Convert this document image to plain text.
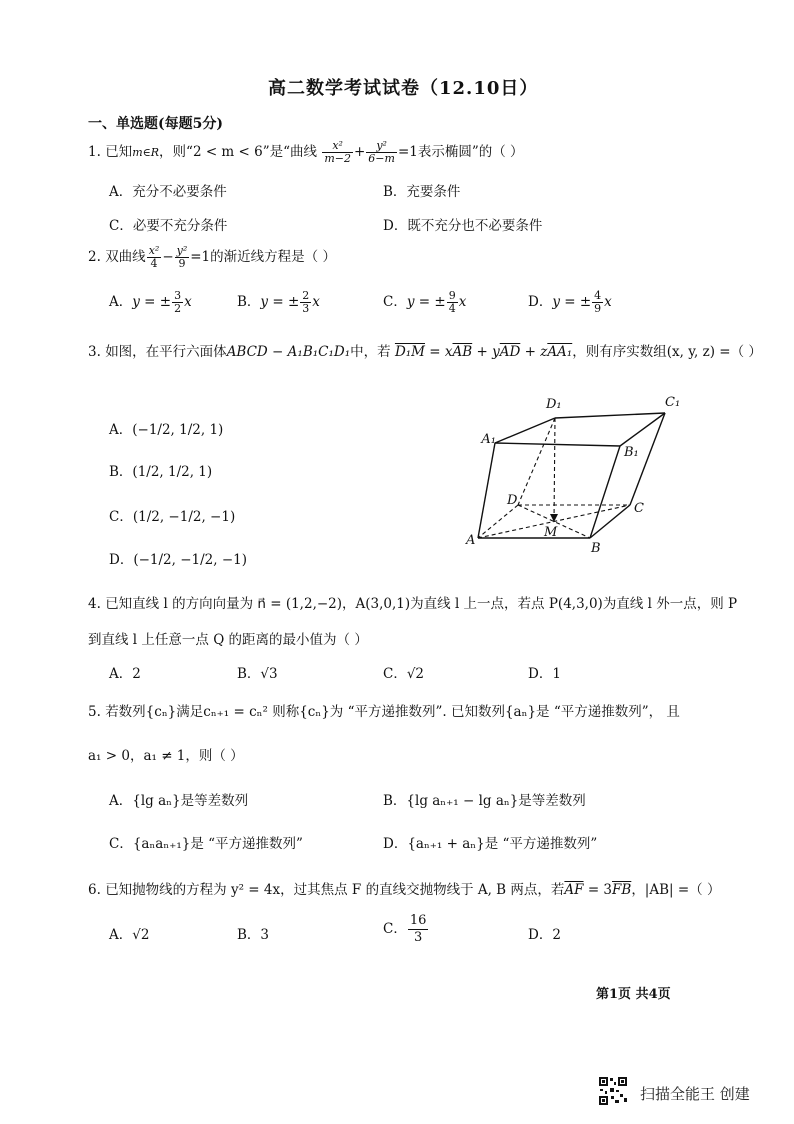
高二数学考试试卷（12.10日）
一、单选题(每题5分)
1. 已知m∈R，则“2 < m < 6”是“曲线 $\frac{\text{x²}}{m-2} + \frac{\text{y²}}{6-m} =1$表示椭圆”的（ ）
A．充分不必要条件	B．充要条件
C．必要不充分条件	D．既不充分也不必要条件
2. 双曲线 $\frac{\text{x²}}{4} - \frac{\text{y²}}{9} =1$的渐近线方程是（ ）
A．y = ± $\frac{3}{2}$ x	B．y = ± $\frac{2}{3}$ x	C．y = ± $\frac{9}{4}$ x	D．y = ± $\frac{4}{9}$ x
3. 如图，在平行六面体ABCD − A₁B₁C₁D₁中，若 $D_1M = x\overline{AB} + y\overline{AD} + zAA_1$，则有序实数组(x, y, z) =（ ）
A．(−1/2, 1/2, 1)
B．(1/2, 1/2, 1)
C．(1/2, −1/2, −1)
D．(−1/2, −1/2, −1)
D₁	C₁
A₁
B₁
D
C
A
B
M
4. 已知直线 l 的方向向量为 n⃗ = (1,2,−2)，A(3,0,1)为直线 l 上一点，若点 P(4,3,0)为直线 l 外一点，则 P
到直线 l 上任意一点 Q 的距离的最小值为（ ）
A．2	B．√3	C．√2	D．1
5. 若数列{cₙ}满足cₙ₊₁ = cₙ² 则称{cₙ}为 “平方递推数列”. 已知数列{aₙ}是 “平方递推数列”， 且
a₁ > 0，a₁ ≠ 1，则（ ）
A．{lg aₙ}是等差数列	B．{lg aₙ₊₁ − lg aₙ}是等差数列
C．{aₙaₙ₊₁}是 “平方递推数列”	D．{aₙ₊₁ + aₙ}是 “平方递推数列”
6. 已知抛物线的方程为 y² = 4x，过其焦点 F 的直线交抛物线于 A, B 两点，若$\overline{AF} = 3\overline{FB}$，|AB| =（ ）
A．√2	B．3	C． $\frac{16}{3}$	D．2
第1页 共4页
扫描全能王 创建
